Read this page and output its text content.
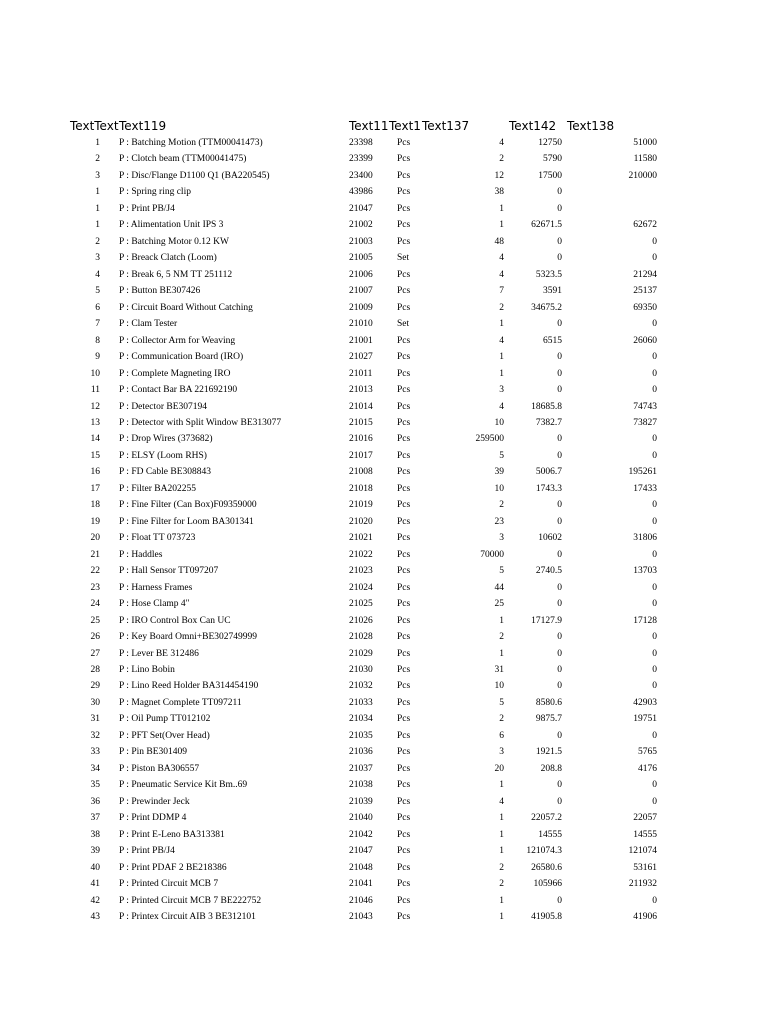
TextText Text119	Text11 Text1 Text137	Text142 Text138
1 P : Batching Motion (TTM00041473)	23398	Pcs	4	12750	51000
2 P : Clotch beam (TTM00041475)	23399	Pcs	2	5790	11580
3 P : Disc/Flange D1100 Q1 (BA220545)	23400	Pcs	12	17500	210000
1 P : Spring ring clip	43986	Pcs	38	0
1 P : Print PB/J4	21047	Pcs	1	0
1 P : Alimentation Unit IPS 3	21002	Pcs	1	62671.5	62672
2 P : Batching Motor 0.12 KW	21003	Pcs	48	0	0
3 P : Breack Clatch (Loom)	21005	Set	4	0	0
4 P : Break 6, 5 NM TT 251112	21006	Pcs	4	5323.5	21294
5 P : Button BE307426	21007	Pcs	7	3591	25137
6 P : Circuit Board Without Catching	21009	Pcs	2	34675.2	69350
7 P : Clam Tester	21010	Set	1	0	0
8 P : Collector Arm for Weaving	21001	Pcs	4	6515	26060
9 P : Communication Board (IRO)	21027	Pcs	1	0	0
10 P : Complete Magneting IRO	21011	Pcs	1	0	0
11 P : Contact Bar BA 221692190	21013	Pcs	3	0	0
12 P : Detector BE307194	21014	Pcs	4	18685.8	74743
13 P : Detector with Split Window BE313077	21015	Pcs	10	7382.7	73827
14 P : Drop Wires (373682)	21016	Pcs	259500	0	0
15 P : ELSY (Loom RHS)	21017	Pcs	5	0	0
16 P : FD Cable BE308843	21008	Pcs	39	5006.7	195261
17 P : Filter BA202255	21018	Pcs	10	1743.3	17433
18 P : Fine Filter (Can Box)F09359000	21019	Pcs	2	0	0
19 P : Fine Filter for Loom BA301341	21020	Pcs	23	0	0
20 P : Float TT 073723	21021	Pcs	3	10602	31806
21 P : Haddles	21022	Pcs	70000	0	0
22 P : Hall Sensor TT097207	21023	Pcs	5	2740.5	13703
23 P : Harness Frames	21024	Pcs	44	0	0
24 P : Hose Clamp 4"	21025	Pcs	25	0	0
25 P : IRO Control Box Can UC	21026	Pcs	1	17127.9	17128
26 P : Key Board Omni+BE302749999	21028	Pcs	2	0	0
27 P : Lever BE 312486	21029	Pcs	1	0	0
28 P : Lino Bobin	21030	Pcs	31	0	0
29 P : Lino Reed Holder BA314454190	21032	Pcs	10	0	0
30 P : Magnet Complete TT097211	21033	Pcs	5	8580.6	42903
31 P : Oil Pump TT012102	21034	Pcs	2	9875.7	19751
32 P : PFT Set(Over Head)	21035	Pcs	6	0	0
33 P : Pin BE301409	21036	Pcs	3	1921.5	5765
34 P : Piston BA306557	21037	Pcs	20	208.8	4176
35 P : Pneumatic Service Kit Bm..69	21038	Pcs	1	0	0
36 P : Prewinder Jeck	21039	Pcs	4	0	0
37 P : Print DDMP 4	21040	Pcs	1	22057.2	22057
38 P : Print E-Leno BA313381	21042	Pcs	1	14555	14555
39 P : Print PB/J4	21047	Pcs	1 121074.3	121074
40 P : Print PDAF 2 BE218386	21048	Pcs	2	26580.6	53161
41 P : Printed Circuit MCB 7	21041	Pcs	2	105966	211932
42 P : Printed Circuit MCB 7 BE222752	21046	Pcs	1	0	0
43 P : Printex Circuit AIB 3 BE312101	21043	Pcs	1	41905.8	41906
